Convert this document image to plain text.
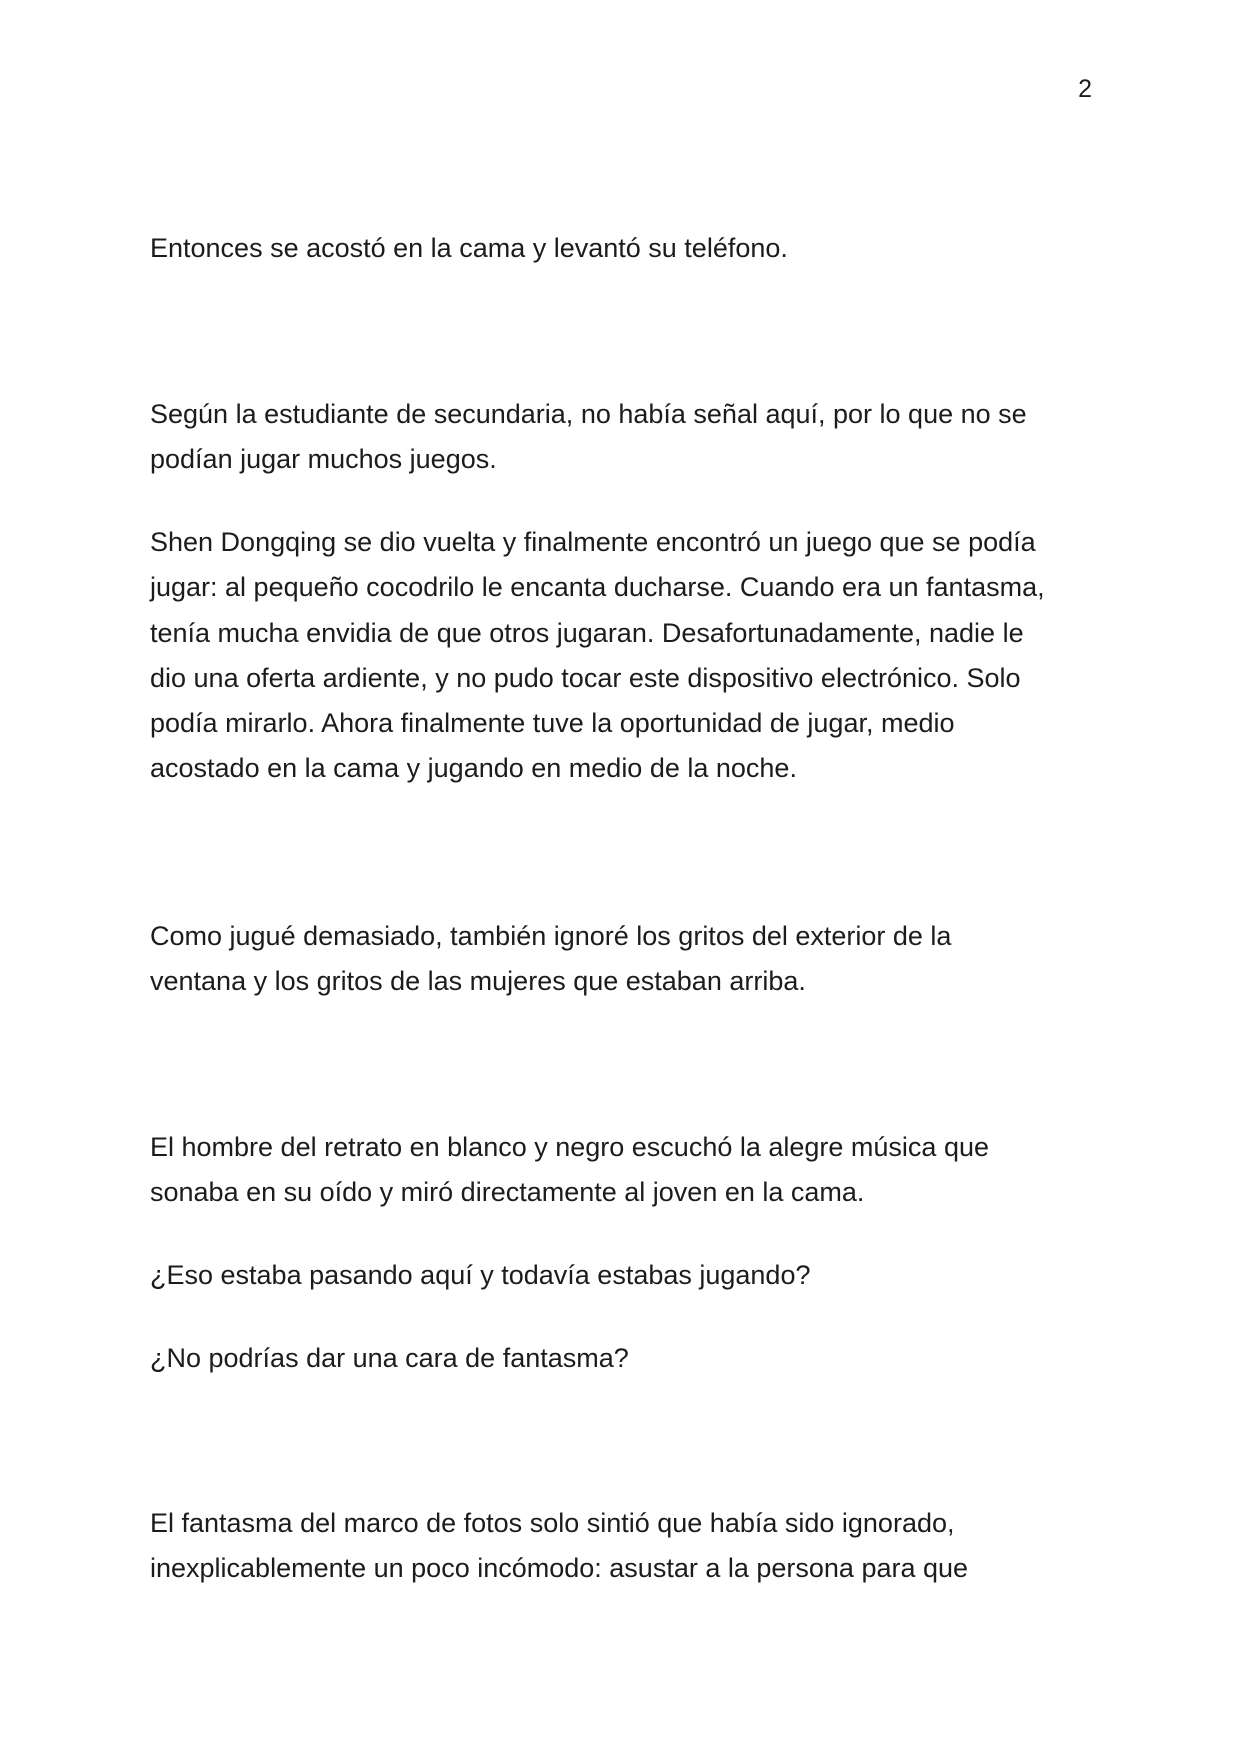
2

Entonces se acostó en la cama y levantó su teléfono.

Según la estudiante de secundaria, no había señal aquí, por lo que no se
podían jugar muchos juegos.

Shen Dongqing se dio vuelta y finalmente encontró un juego que se podía
jugar: al pequeño cocodrilo le encanta ducharse. Cuando era un fantasma,
tenía mucha envidia de que otros jugaran. Desafortunadamente, nadie le
dio una oferta ardiente, y no pudo tocar este dispositivo electrónico. Solo
podía mirarlo. Ahora finalmente tuve la oportunidad de jugar, medio
acostado en la cama y jugando en medio de la noche.

Como jugué demasiado, también ignoré los gritos del exterior de la
ventana y los gritos de las mujeres que estaban arriba.

El hombre del retrato en blanco y negro escuchó la alegre música que
sonaba en su oído y miró directamente al joven en la cama.

¿Eso estaba pasando aquí y todavía estabas jugando?

¿No podrías dar una cara de fantasma?

El fantasma del marco de fotos solo sintió que había sido ignorado,
inexplicablemente un poco incómodo: asustar a la persona para que
